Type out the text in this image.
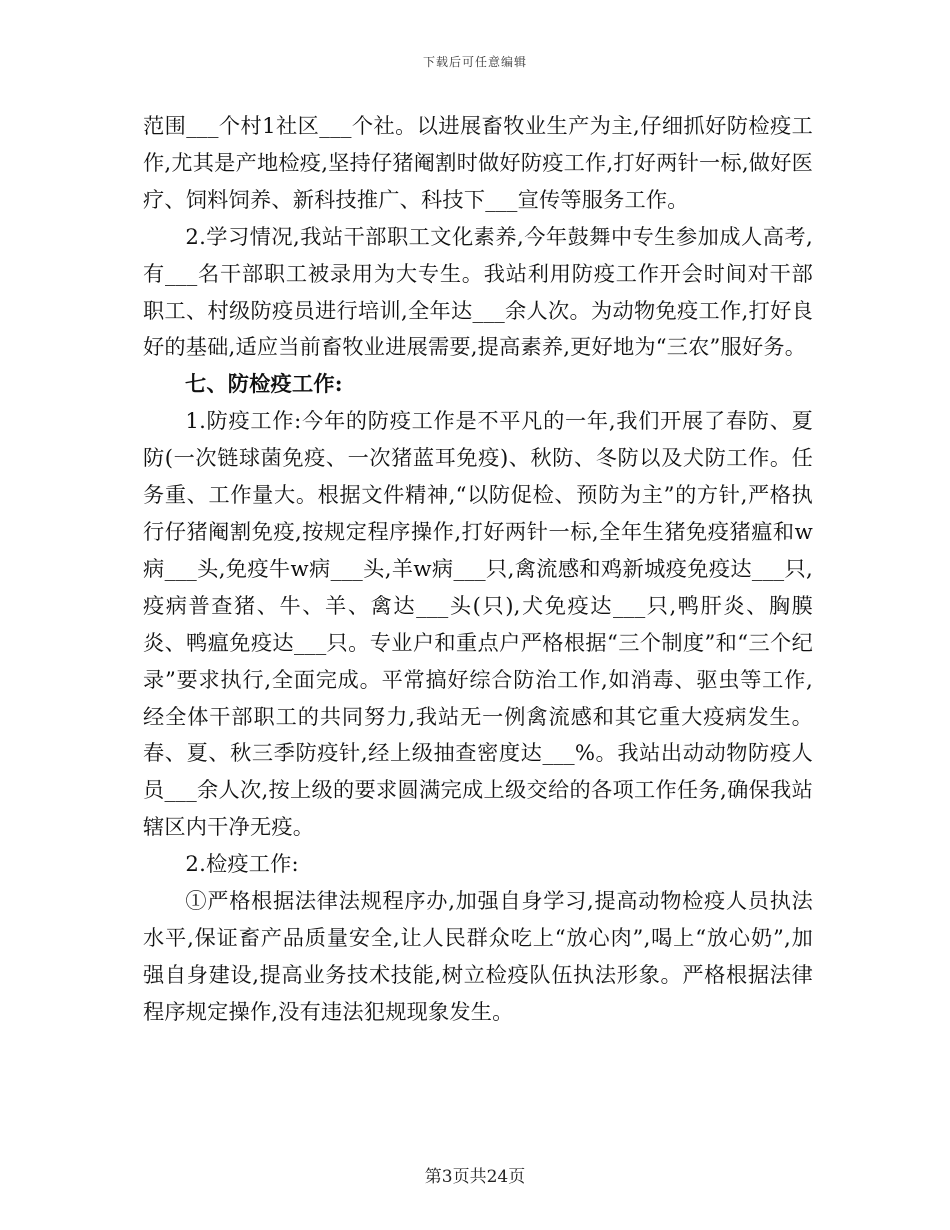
下载后可任意编辑

范围___个村1社区___个社。以进展畜牧业生产为主,仔细抓好防检疫工作,尤其是产地检疫,坚持仔猪阉割时做好防疫工作,打好两针一标,做好医疗、饲料饲养、新科技推广、科技下___宣传等服务工作。

2.学习情况,我站干部职工文化素养,今年鼓舞中专生参加成人高考,有___名干部职工被录用为大专生。我站利用防疫工作开会时间对干部职工、村级防疫员进行培训,全年达___余人次。为动物免疫工作,打好良好的基础,适应当前畜牧业进展需要,提高素养,更好地为“三农”服好务。

七、防检疫工作:

1.防疫工作:今年的防疫工作是不平凡的一年,我们开展了春防、夏防(一次链球菌免疫、一次猪蓝耳免疫)、秋防、冬防以及犬防工作。任务重、工作量大。根据文件精神,“以防促检、预防为主”的方针,严格执行仔猪阉割免疫,按规定程序操作,打好两针一标,全年生猪免疫猪瘟和w病___头,免疫牛w病___头,羊w病___只,禽流感和鸡新城疫免疫达___只,疫病普查猪、牛、羊、禽达___头(只),犬免疫达___只,鸭肝炎、胸膜炎、鸭瘟免疫达___只。专业户和重点户严格根据“三个制度”和“三个纪录”要求执行,全面完成。平常搞好综合防治工作,如消毒、驱虫等工作,经全体干部职工的共同努力,我站无一例禽流感和其它重大疫病发生。春、夏、秋三季防疫针,经上级抽查密度达___%。我站出动动物防疫人员___余人次,按上级的要求圆满完成上级交给的各项工作任务,确保我站辖区内干净无疫。

2.检疫工作:

①严格根据法律法规程序办,加强自身学习,提高动物检疫人员执法水平,保证畜产品质量安全,让人民群众吃上“放心肉”,喝上“放心奶”,加强自身建设,提高业务技术技能,树立检疫队伍执法形象。严格根据法律程序规定操作,没有违法犯规现象发生。

第3页共24页
